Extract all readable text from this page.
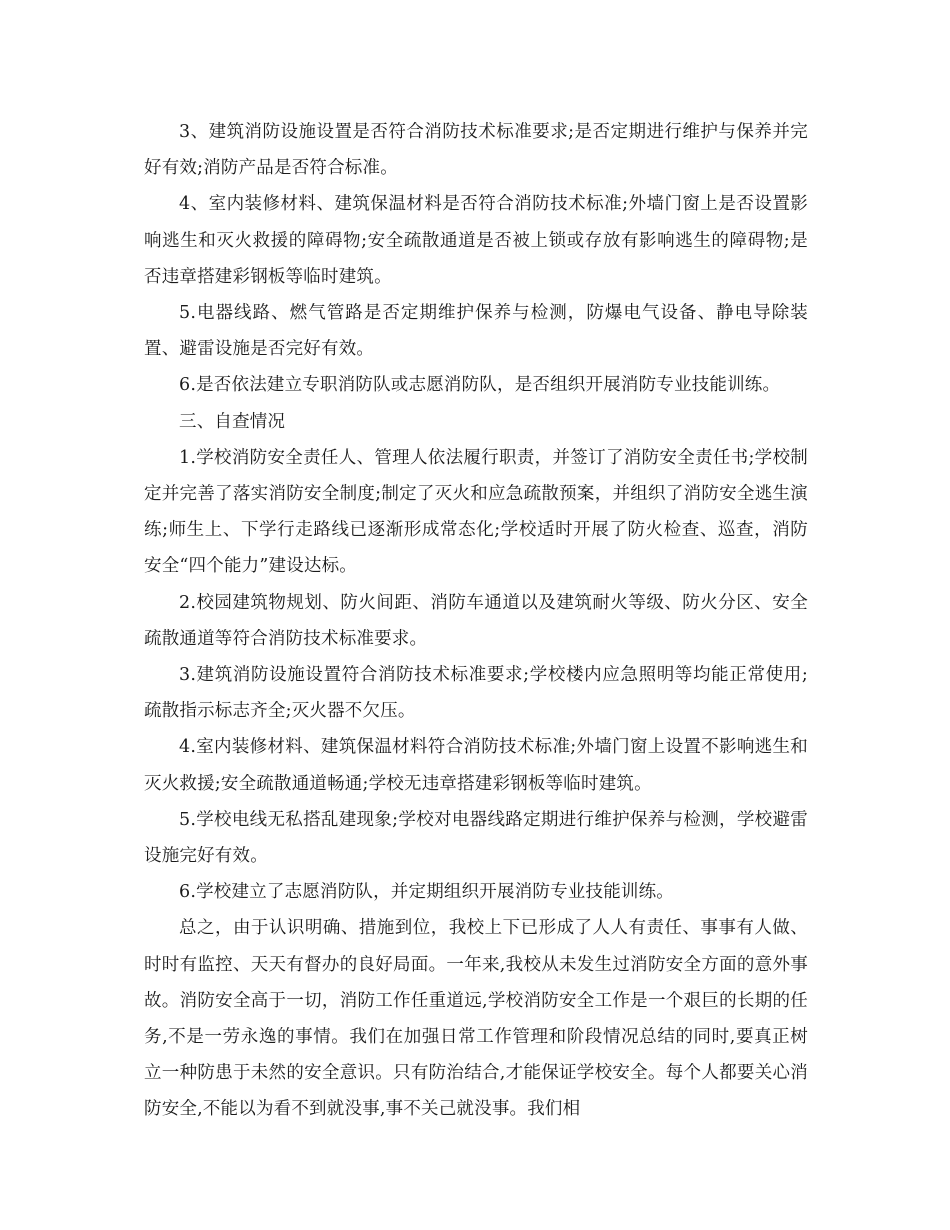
3、建筑消防设施设置是否符合消防技术标准要求;是否定期进行维护与保养并完好有效;消防产品是否符合标准。

4、室内装修材料、建筑保温材料是否符合消防技术标准;外墙门窗上是否设置影响逃生和灭火救援的障碍物;安全疏散通道是否被上锁或存放有影响逃生的障碍物;是否违章搭建彩钢板等临时建筑。

5.电器线路、燃气管路是否定期维护保养与检测，防爆电气设备、静电导除装置、避雷设施是否完好有效。

6.是否依法建立专职消防队或志愿消防队，是否组织开展消防专业技能训练。

三、自查情况

1.学校消防安全责任人、管理人依法履行职责，并签订了消防安全责任书;学校制定并完善了落实消防安全制度;制定了灭火和应急疏散预案，并组织了消防安全逃生演练;师生上、下学行走路线已逐渐形成常态化;学校适时开展了防火检查、巡查，消防安全“四个能力”建设达标。

2.校园建筑物规划、防火间距、消防车通道以及建筑耐火等级、防火分区、安全疏散通道等符合消防技术标准要求。

3.建筑消防设施设置符合消防技术标准要求;学校楼内应急照明等均能正常使用;疏散指示标志齐全;灭火器不欠压。

4.室内装修材料、建筑保温材料符合消防技术标准;外墙门窗上设置不影响逃生和灭火救援;安全疏散通道畅通;学校无违章搭建彩钢板等临时建筑。

5.学校电线无私搭乱建现象;学校对电器线路定期进行维护保养与检测，学校避雷设施完好有效。

6.学校建立了志愿消防队，并定期组织开展消防专业技能训练。

总之，由于认识明确、措施到位，我校上下已形成了人人有责任、事事有人做、时时有监控、天天有督办的良好局面。一年来,我校从未发生过消防安全方面的意外事故。消防安全高于一切，消防工作任重道远,学校消防安全工作是一个艰巨的长期的任务,不是一劳永逸的事情。我们在加强日常工作管理和阶段情况总结的同时,要真正树立一种防患于未然的安全意识。只有防治结合,才能保证学校安全。每个人都要关心消防安全,不能以为看不到就没事,事不关己就没事。我们相
